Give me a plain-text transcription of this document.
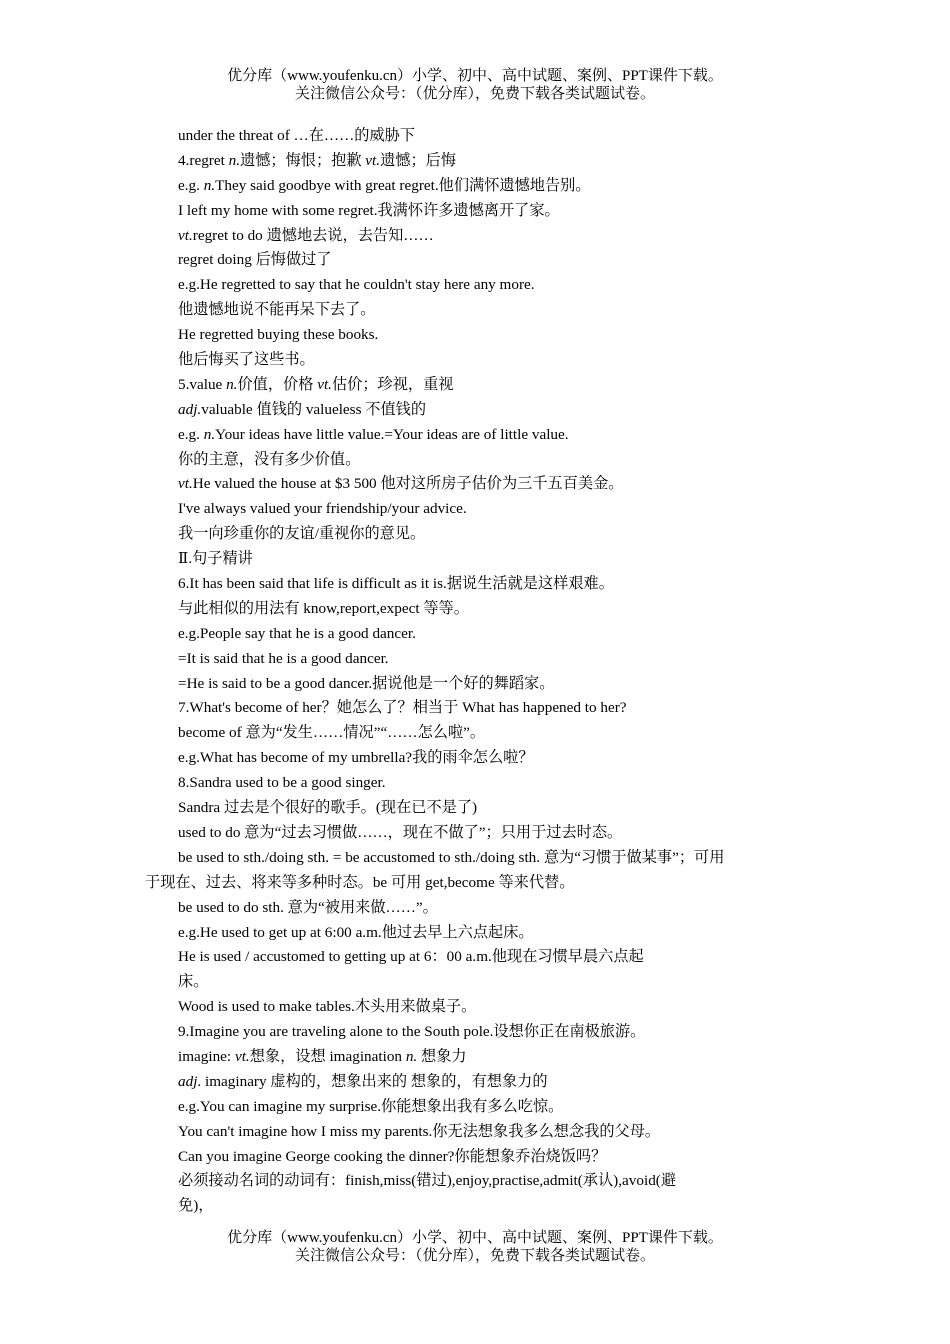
优分库（www.youfenku.cn）小学、初中、高中试题、案例、PPT课件下载。
关注微信公众号：（优分库），免费下载各类试题试卷。
under the threat of …在……的威胁下
4.regret n.遗憾；悔恨；抱歉 vt.遗憾；后悔
e.g. n.They said goodbye with great regret.他们满怀遗憾地告别。
I left my home with some regret.我满怀许多遗憾离开了家。
vt.regret to do 遗憾地去说，去告知……
regret doing 后悔做过了
e.g.He regretted to say that he couldn't stay here any more.
他遗憾地说不能再呆下去了。
He regretted buying these books.
他后悔买了这些书。
5.value n.价值，价格 vt.估价；珍视，重视
adj.valuable 值钱的 valueless 不值钱的
e.g. n.Your ideas have little value.=Your ideas are of little value.
你的主意，没有多少价值。
vt.He valued the house at $3 500 他对这所房子估价为三千五百美金。
I've always valued your friendship/your advice.
我一向珍重你的友谊/重视你的意见。
Ⅱ.句子精讲
6.It has been said that life is difficult as it is.据说生活就是这样艰难。
与此相似的用法有 know,report,expect 等等。
e.g.People say that he is a good dancer.
=It is said that he is a good dancer.
=He is said to be a good dancer.据说他是一个好的舞蹈家。
7.What's become of her？她怎么了？相当于 What has happened to her?
become of 意为“发生……情况”“……怎么啦”。
e.g.What has become of my umbrella?我的雨伞怎么啦？
8.Sandra used to be a good singer.
Sandra 过去是个很好的歌手。(现在已不是了)
used to do 意为“过去习惯做……，现在不做了”；只用于过去时态。
be used to sth./doing sth. = be accustomed to sth./doing sth. 意为“习惯于做某事”；可用
于现在、过去、将来等多种时态。be 可用 get,become 等来代替。
be used to do sth. 意为“被用来做……”。
e.g.He used to get up at 6:00 a.m.他过去早上六点起床。
He is used / accustomed to getting up at 6：00 a.m.他现在习惯早晨六点起
床。
Wood is used to make tables.木头用来做桌子。
9.Imagine you are traveling alone to the South pole.设想你正在南极旅游。
imagine: vt.想象，设想 imagination n. 想象力
adj. imaginary 虚构的，想象出来的 想象的，有想象力的
e.g.You can imagine my surprise.你能想象出我有多么吃惊。
You can't imagine how I miss my parents.你无法想象我多么想念我的父母。
Can you imagine George cooking the dinner?你能想象乔治烧饭吗？
必须接动名词的动词有：finish,miss(错过),enjoy,practise,admit(承认),avoid(避
免)，
优分库（www.youfenku.cn）小学、初中、高中试题、案例、PPT课件下载。
关注微信公众号：（优分库），免费下载各类试题试卷。
